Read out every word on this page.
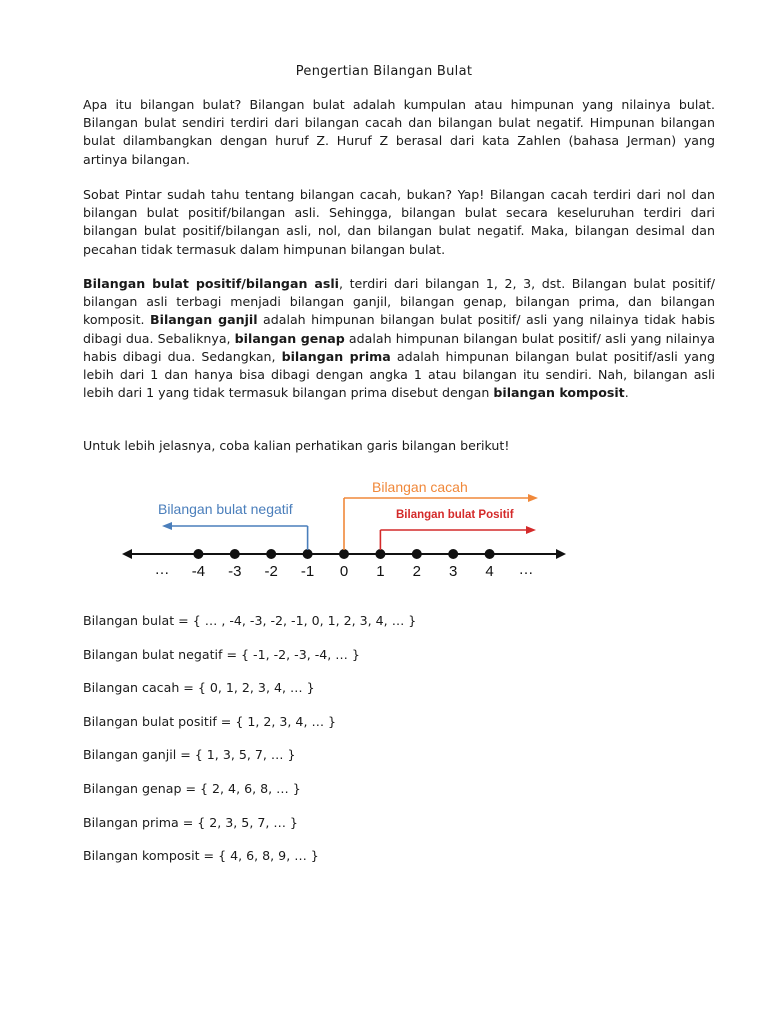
Pengertian Bilangan Bulat

Apa itu bilangan bulat? Bilangan bulat adalah kumpulan atau himpunan yang nilainya bulat. Bilangan bulat sendiri terdiri dari bilangan cacah dan bilangan bulat negatif. Himpunan bilangan bulat dilambangkan dengan huruf Z. Huruf Z berasal dari kata Zahlen (bahasa Jerman) yang artinya bilangan.

Sobat Pintar sudah tahu tentang bilangan cacah, bukan? Yap! Bilangan cacah terdiri dari nol dan bilangan bulat positif/bilangan asli. Sehingga, bilangan bulat secara keseluruhan terdiri dari bilangan bulat positif/bilangan asli, nol, dan bilangan bulat negatif. Maka, bilangan desimal dan pecahan tidak termasuk dalam himpunan bilangan bulat.

Bilangan bulat positif/bilangan asli, terdiri dari bilangan 1, 2, 3, dst. Bilangan bulat positif/ bilangan asli terbagi menjadi bilangan ganjil, bilangan genap, bilangan prima, dan bilangan komposit. Bilangan ganjil adalah himpunan bilangan bulat positif/ asli yang nilainya tidak habis dibagi dua. Sebaliknya, bilangan genap adalah himpunan bilangan bulat positif/ asli yang nilainya habis dibagi dua. Sedangkan, bilangan prima adalah himpunan bilangan bulat positif/asli yang lebih dari 1 dan hanya bisa dibagi dengan angka 1 atau bilangan itu sendiri. Nah, bilangan asli lebih dari 1 yang tidak termasuk bilangan prima disebut dengan bilangan komposit.

Untuk lebih jelasnya, coba kalian perhatikan garis bilangan berikut!

… -4 -3 -2 -1 0 1 2 3 4 …
Bilangan bulat negatif
Bilangan cacah
Bilangan bulat Positif
Bilangan bulat = { … , -4, -3, -2, -1, 0, 1, 2, 3, 4, … }
Bilangan bulat negatif = { -1, -2, -3, -4, … }
Bilangan cacah = { 0, 1, 2, 3, 4, … }
Bilangan bulat positif = { 1, 2, 3, 4, … }
Bilangan ganjil = { 1, 3, 5, 7, … }
Bilangan genap = { 2, 4, 6, 8, … }
Bilangan prima = { 2, 3, 5, 7, … }
Bilangan komposit = { 4, 6, 8, 9, … }
